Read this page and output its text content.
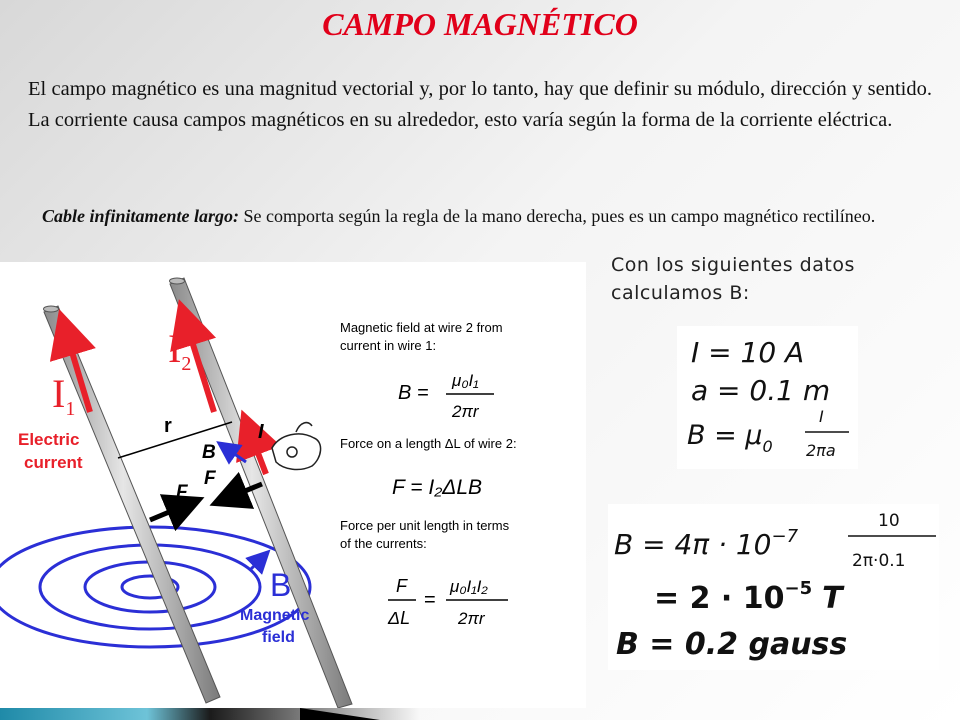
CAMPO MAGNÉTICO
El campo magnético es una magnitud vectorial y, por lo tanto, hay que definir su módulo, dirección y sentido. La corriente causa campos magnéticos en su alrededor, esto varía según la forma de la corriente eléctrica.
Cable infinitamente largo: Se comporta según la regla de la mano derecha, pues es un campo magnético rectilíneo.
Con los siguientes datos
calculamos B:
$I_1$
$I_2$
Electric
current
r
B
F
F
I
B
Magnetic
field
Magnetic field at wire 2 from
current in wire 1:
B =
μ₀I₁
2πr
Force on a length ΔL of wire 2:
F = I₂ΔLB
Force per unit length in terms
of the currents:
F
ΔL
=
μ₀I₁I₂
2πr
I = 10 A
a = 0.1 m
$B = \mu_0$
I
2πa
$B = 4\pi \cdot 10^{-7}$
10
2π·0.1
= $2 \cdot 10^{-5}$ T
B = 0.2 gauss
